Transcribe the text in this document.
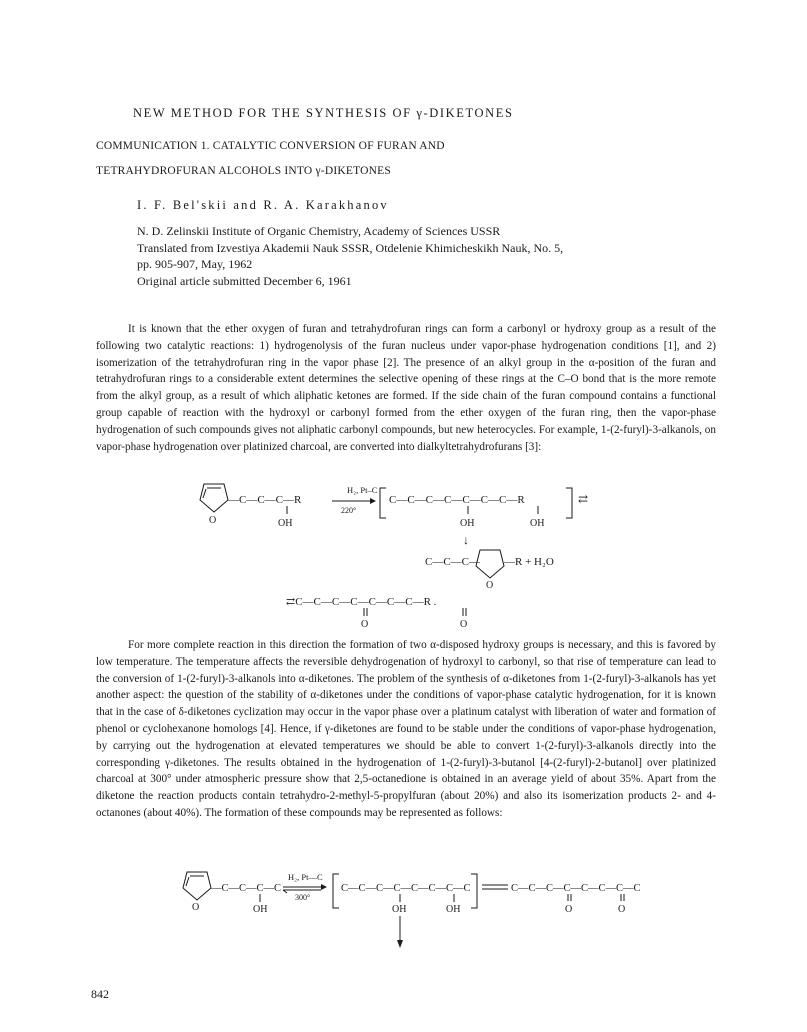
NEW METHOD FOR THE SYNTHESIS OF γ-DIKETONES
COMMUNICATION 1. CATALYTIC CONVERSION OF FURAN AND
TETRAHYDROFURAN ALCOHOLS INTO γ-DIKETONES
I. F. Bel'skii and R. A. Karakhanov
N. D. Zelinskii Institute of Organic Chemistry, Academy of Sciences USSR
Translated from Izvestiya Akademii Nauk SSSR, Otdelenie Khimicheskikh Nauk, No. 5,
pp. 905-907, May, 1962
Original article submitted December 6, 1961

It is known that the ether oxygen of furan and tetrahydrofuran rings can form a carbonyl or hydroxy group as a result of the following two catalytic reactions: 1) hydrogenolysis of the furan nucleus under vapor-phase hydrogenation conditions [1], and 2) isomerization of the tetrahydrofuran ring in the vapor phase [2]. The presence of an alkyl group in the α-position of the furan and tetrahydrofuran rings to a considerable extent determines the selective opening of these rings at the C–O bond that is the more remote from the alkyl group, as a result of which aliphatic ketones are formed. If the side chain of the furan compound contains a functional group capable of reaction with the hydroxyl or carbonyl formed from the ether oxygen of the furan ring, then the vapor-phase hydrogenation of such compounds gives not aliphatic carbonyl compounds, but new heterocycles. For example, 1-(2-furyl)-3-alkanols, on vapor-phase hydrogenation over platinized charcoal, are converted into dialkyltetrahydrofurans [3]:

O
—C—C—C—R
OH
H₂, Pt–C
220°
C—C—C—C—C—C—C—R
OH	OH
⇄
↓
C—C—C—
O
—R + H₂O
⇄C—C—C—C—C—C—C—R .
O	O

For more complete reaction in this direction the formation of two α-disposed hydroxy groups is necessary, and this is favored by low temperature. The temperature affects the reversible dehydrogenation of hydroxyl to carbonyl, so that rise of temperature can lead to the conversion of 1-(2-furyl)-3-alkanols into α-diketones. The problem of the synthesis of α-diketones from 1-(2-furyl)-3-alkanols has yet another aspect: the question of the stability of α-diketones under the conditions of vapor-phase catalytic hydrogenation, for it is known that in the case of δ-diketones cyclization may occur in the vapor phase over a platinum catalyst with liberation of water and formation of phenol or cyclohexanone homologs [4]. Hence, if γ-diketones are found to be stable under the conditions of vapor-phase hydrogenation, by carrying out the hydrogenation at elevated temperatures we should be able to convert 1-(2-furyl)-3-alkanols directly into the corresponding γ-diketones. The results obtained in the hydrogenation of 1-(2-furyl)-3-butanol [4-(2-furyl)-2-butanol] over platinized charcoal at 300° under atmospheric pressure show that 2,5-octanedione is obtained in an average yield of about 35%. Apart from the diketone the reaction products contain tetrahydro-2-methyl-5-propylfuran (about 20%) and also its isomerization products 2- and 4-octanones (about 40%). The formation of these compounds may be represented as follows:

O
—C—C—C—C
OH
H₂, Pt—C
300°
C—C—C—C—C—C—C—C
OH	OH
C—C—C—C—C—C—C—C
O	O
842
